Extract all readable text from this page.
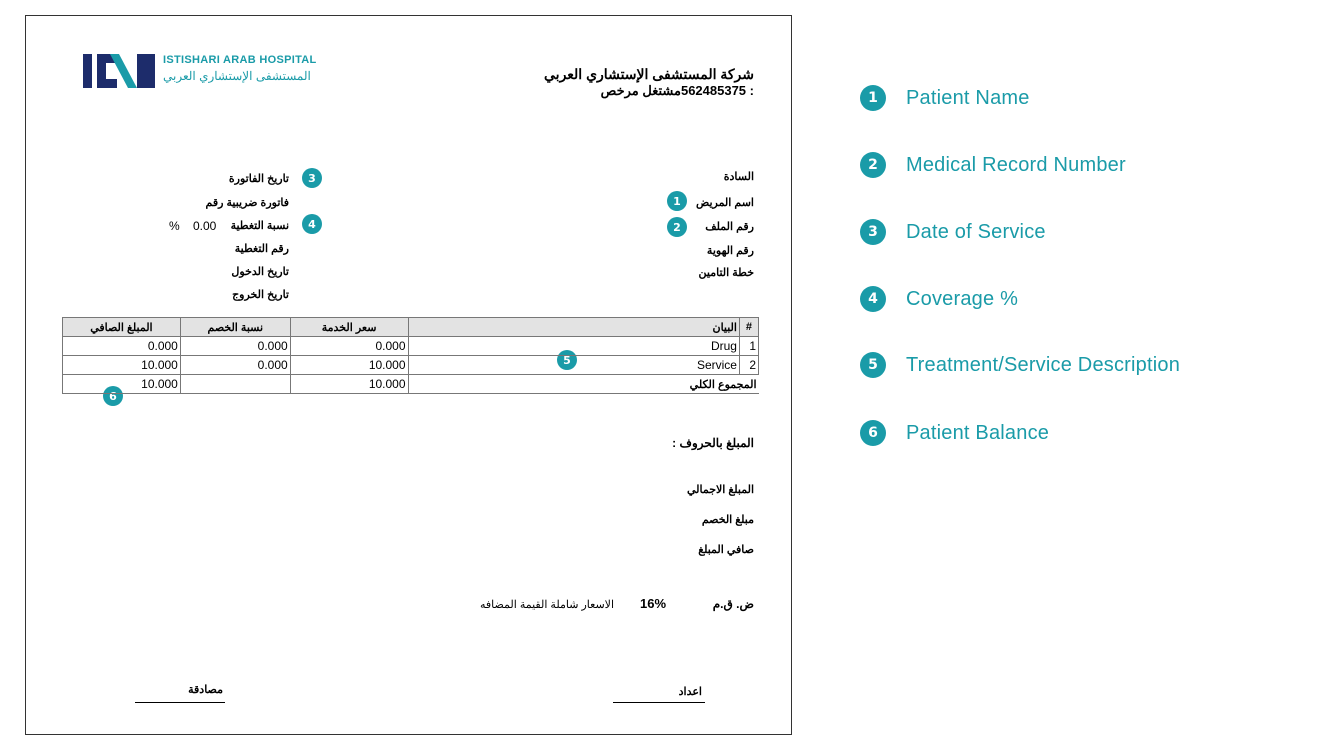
ISTISHARI ARAB HOSPITAL
المستشفى الإستشاري العربي	شركة المستشفى الإستشاري العربي
: 562485375مشتغل مرخص
السادة
اسم المريض
رقم الملف
رقم الهوية
خطة التامين
تاريخ الفاتورة
فاتورة ضريبية رقم
نسبة التغطية
% 0.00
رقم التغطية
تاريخ الدخول
تاريخ الخروج
1
2
3
4
5
6
المبلغ الصافي	نسبة الخصم	سعر الخدمة	البيان	#
0.000	0.000	0.000	Drug	1
10.000	0.000	10.000	Service	2
10.000		10.000	المجموع الكلي	
المبلغ بالحروف :
المبلغ الاجمالي
مبلغ الخصم
صافي المبلغ
ض. ق.م
16%
الاسعار شاملة القيمة المضافه
اعداد
مصادقة
1	Patient Name
2	Medical Record Number
3	Date of Service
4	Coverage %
5	Treatment/Service Description
6	Patient Balance
